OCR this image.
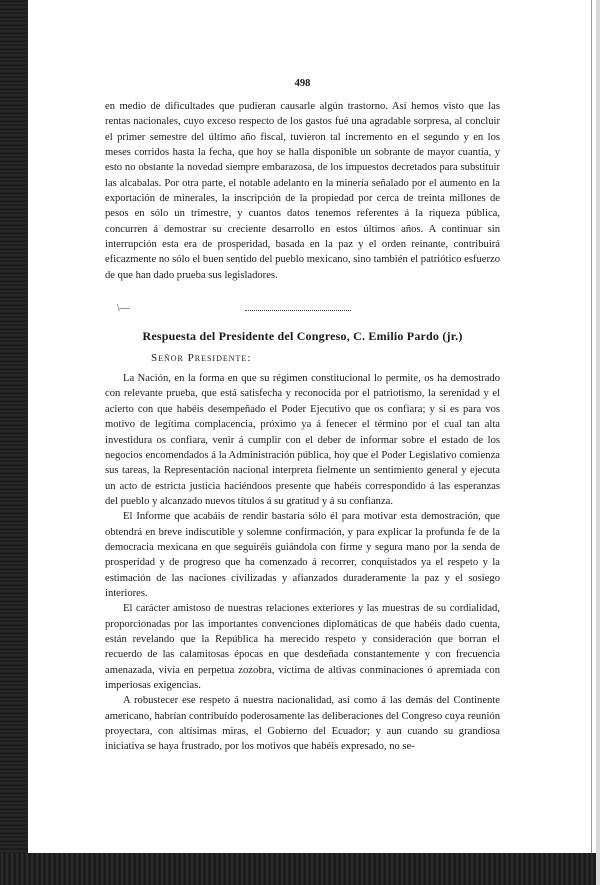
498

en medio de dificultades que pudieran causarle algún trastorno. Así hemos visto que las rentas nacionales, cuyo exceso respecto de los gastos fué una agradable sorpresa, al concluir el primer semestre del último año fiscal, tuvieron tal incremento en el segundo y en los meses corridos hasta la fecha, que hoy se halla disponible un sobrante de mayor cuantía, y esto no obstante la novedad siempre embarazosa, de los impuestos decretados para substituir las alcabalas. Por otra parte, el notable adelanto en la minería señalado por el aumento en la exportación de minerales, la inscripción de la propiedad por cerca de treinta millones de pesos en sólo un trimestre, y cuantos datos tenemos referentes á la riqueza pública, concurren á demostrar su creciente desarrollo en estos últimos años. A continuar sin interrupción esta era de prosperidad, basada en la paz y el orden reinante, contribuirá eficazmente no sólo el buen sentido del pueblo mexicano, sino también el patriótico esfuerzo de que han dado prueba sus legisladores.

\—
Respuesta del Presidente del Congreso, C. Emilio Pardo (jr.)
Señor Presidente:

La Nación, en la forma en que su régimen constitucional lo permite, os ha demostrado con relevante prueba, que está satisfecha y reconocida por el patriotismo, la serenidad y el acierto con que habéis desempeñado el Poder Ejecutivo que os confiara; y si es para vos motivo de legítima complacencia, próximo ya á fenecer el término por el cual tan alta investidura os confiara, venir á cumplir con el deber de informar sobre el estado de los negocios encomendados á la Administración pública, hoy que el Poder Legislativo comienza sus tareas, la Representación nacional interpreta fielmente un sentimiento general y ejecuta un acto de estricta justicia haciéndoos presente que habéis correspondido á las esperanzas del pueblo y alcanzado nuevos títulos á su gratitud y á su confianza.

El Informe que acabáis de rendir bastaría sólo él para motivar esta demostración, que obtendrá en breve indiscutible y solemne confirmación, y para explicar la profunda fe de la democracia mexicana en que seguiréis guiándola con firme y segura mano por la senda de prosperidad y de progreso que ha comenzado á recorrer, conquistados ya el respeto y la estimación de las naciones civilizadas y afianzados duraderamente la paz y el sosiego interiores.

El carácter amistoso de nuestras relaciones exteriores y las muestras de su cordialidad, proporcionadas por las importantes convenciones diplomáticas de que habéis dado cuenta, están revelando que la República ha merecido respeto y consideración que borran el recuerdo de las calamitosas épocas en que desdeñada constantemente y con frecuencia amenazada, vivía en perpetua zozobra, víctima de altivas conminaciones ó apremiada con imperiosas exigencias.

A robustecer ese respeto á nuestra nacionalidad, así como á las demás del Continente americano, habrían contribuído poderosamente las deliberaciones del Congreso cuya reunión proyectara, con altísimas miras, el Gobierno del Ecuador; y aun cuando su grandiosa iniciativa se haya frustrado, por los motivos que habéis expresado, no se-
